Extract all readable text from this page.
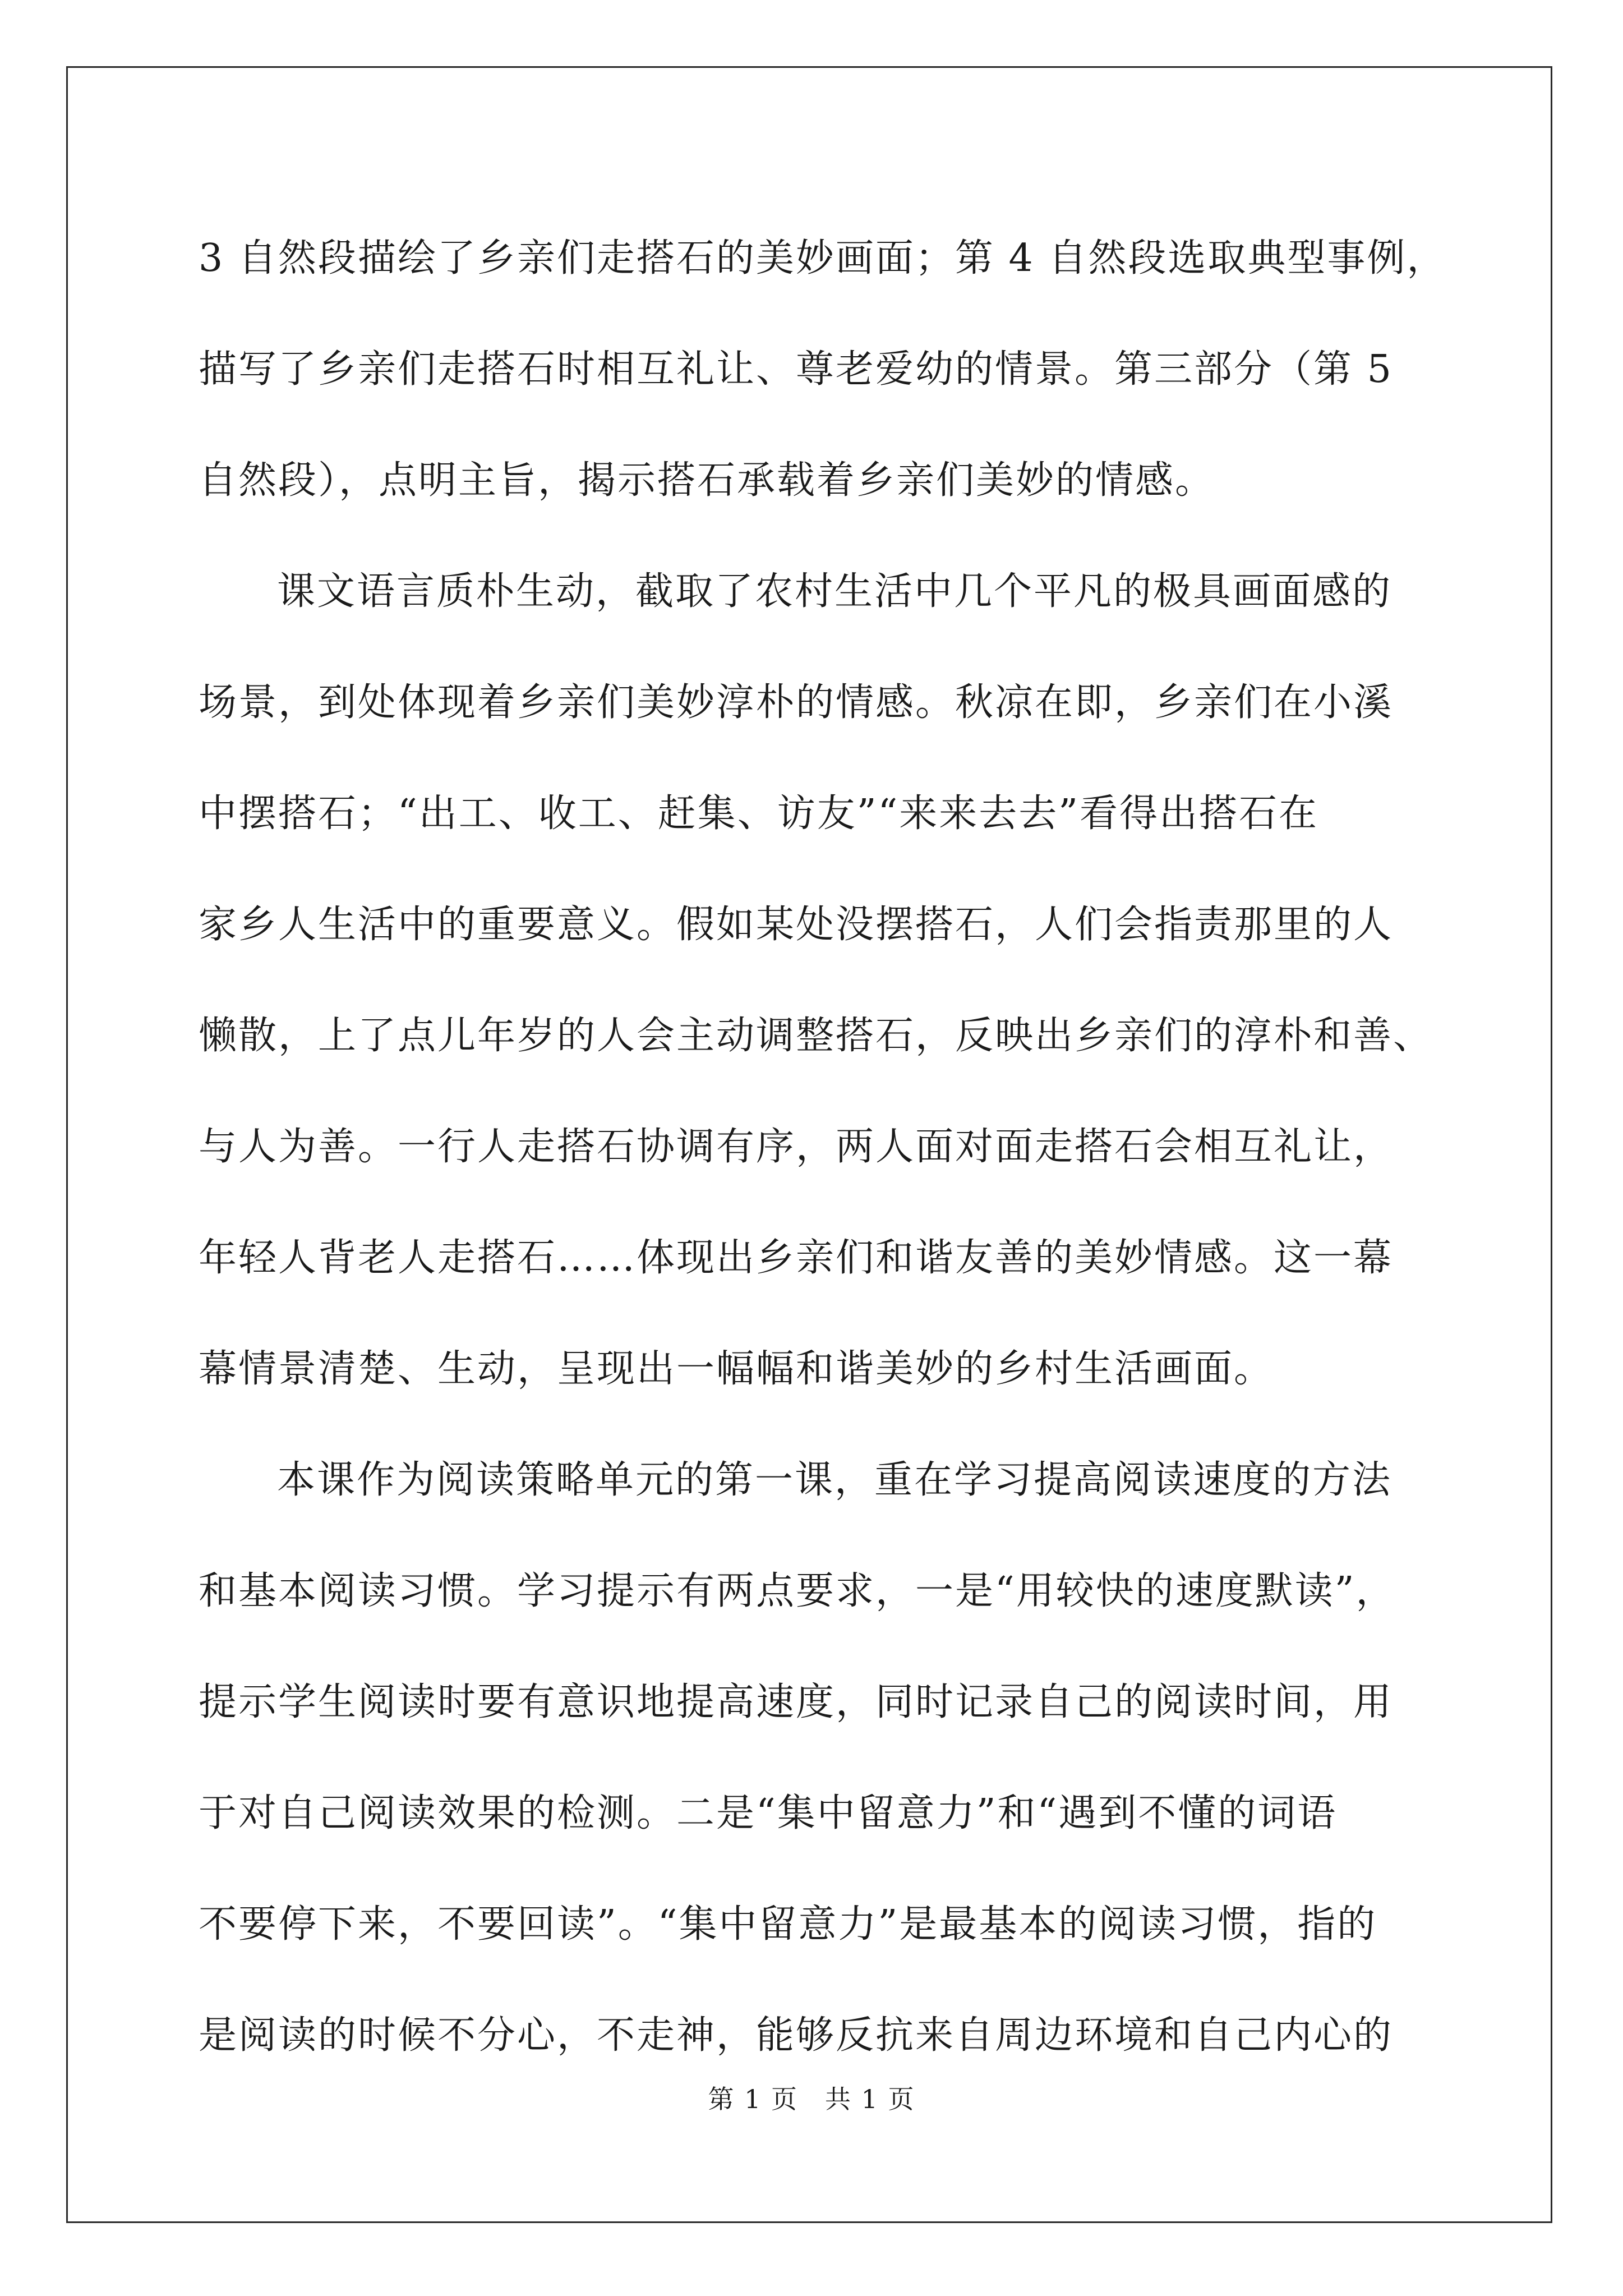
3 自然段描绘了乡亲们走搭石的美妙画面；第 4 自然段选取典型事例，
描写了乡亲们走搭石时相互礼让、尊老爱幼的情景。第三部分（第 5
自然段），点明主旨，揭示搭石承载着乡亲们美妙的情感。

课文语言质朴生动，截取了农村生活中几个平凡的极具画面感的
场景，到处体现着乡亲们美妙淳朴的情感。秋凉在即，乡亲们在小溪
中摆搭石；“出工、收工、赶集、访友”“来来去去”看得出搭石在
家乡人生活中的重要意义。假如某处没摆搭石，人们会指责那里的人
懒散，上了点儿年岁的人会主动调整搭石，反映出乡亲们的淳朴和善、
与人为善。一行人走搭石协调有序，两人面对面走搭石会相互礼让，
年轻人背老人走搭石……体现出乡亲们和谐友善的美妙情感。这一幕
幕情景清楚、生动，呈现出一幅幅和谐美妙的乡村生活画面。

本课作为阅读策略单元的第一课，重在学习提高阅读速度的方法
和基本阅读习惯。学习提示有两点要求，一是“用较快的速度默读”，
提示学生阅读时要有意识地提高速度，同时记录自己的阅读时间，用
于对自己阅读效果的检测。二是“集中留意力”和“遇到不懂的词语
不要停下来，不要回读”。“集中留意力”是最基本的阅读习惯，指的
是阅读的时候不分心，不走神，能够反抗来自周边环境和自己内心的

第 1 页　共 1 页
